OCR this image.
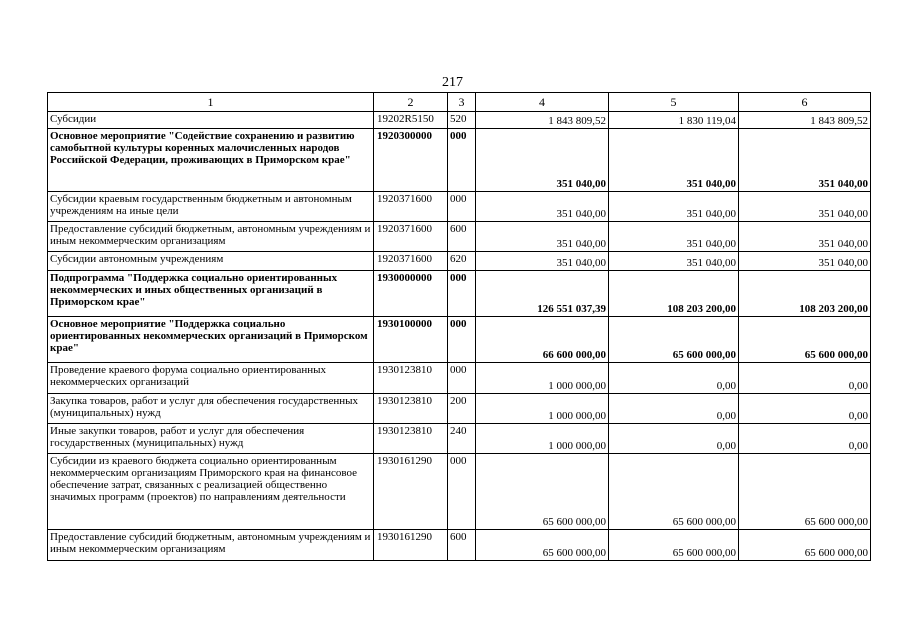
217
1	2	3	4	5	6
Субсидии	19202R5150	520	1 843 809,52	1 830 119,04	1 843 809,52
Основное мероприятие "Содействие сохранению и развитию самобытной культуры коренных малочисленных народов Российской Федерации, проживающих в Приморском крае"	1920300000	000	351 040,00	351 040,00	351 040,00
Субсидии краевым государственным бюджетным и автономным учреждениям на иные цели	1920371600	000	351 040,00	351 040,00	351 040,00
Предоставление субсидий бюджетным, автономным учреждениям и иным некоммерческим организациям	1920371600	600	351 040,00	351 040,00	351 040,00
Субсидии автономным учреждениям	1920371600	620	351 040,00	351 040,00	351 040,00
Подпрограмма "Поддержка социально ориентированных некоммерческих и иных общественных организаций в Приморском крае"	1930000000	000	126 551 037,39	108 203 200,00	108 203 200,00
Основное мероприятие "Поддержка социально ориентированных некоммерческих организаций в Приморском крае"	1930100000	000	66 600 000,00	65 600 000,00	65 600 000,00
Проведение краевого форума социально ориентированных некоммерческих организаций	1930123810	000	1 000 000,00	0,00	0,00
Закупка товаров, работ и услуг для обеспечения государственных (муниципальных) нужд	1930123810	200	1 000 000,00	0,00	0,00
Иные закупки товаров, работ и услуг для обеспечения государственных (муниципальных) нужд	1930123810	240	1 000 000,00	0,00	0,00
Субсидии из краевого бюджета социально ориентированным некоммерческим организациям Приморского края на финансовое обеспечение затрат, связанных с реализацией общественно значимых программ (проектов) по направлениям деятельности	1930161290	000	65 600 000,00	65 600 000,00	65 600 000,00
Предоставление субсидий бюджетным, автономным учреждениям и иным некоммерческим организациям	1930161290	600	65 600 000,00	65 600 000,00	65 600 000,00
